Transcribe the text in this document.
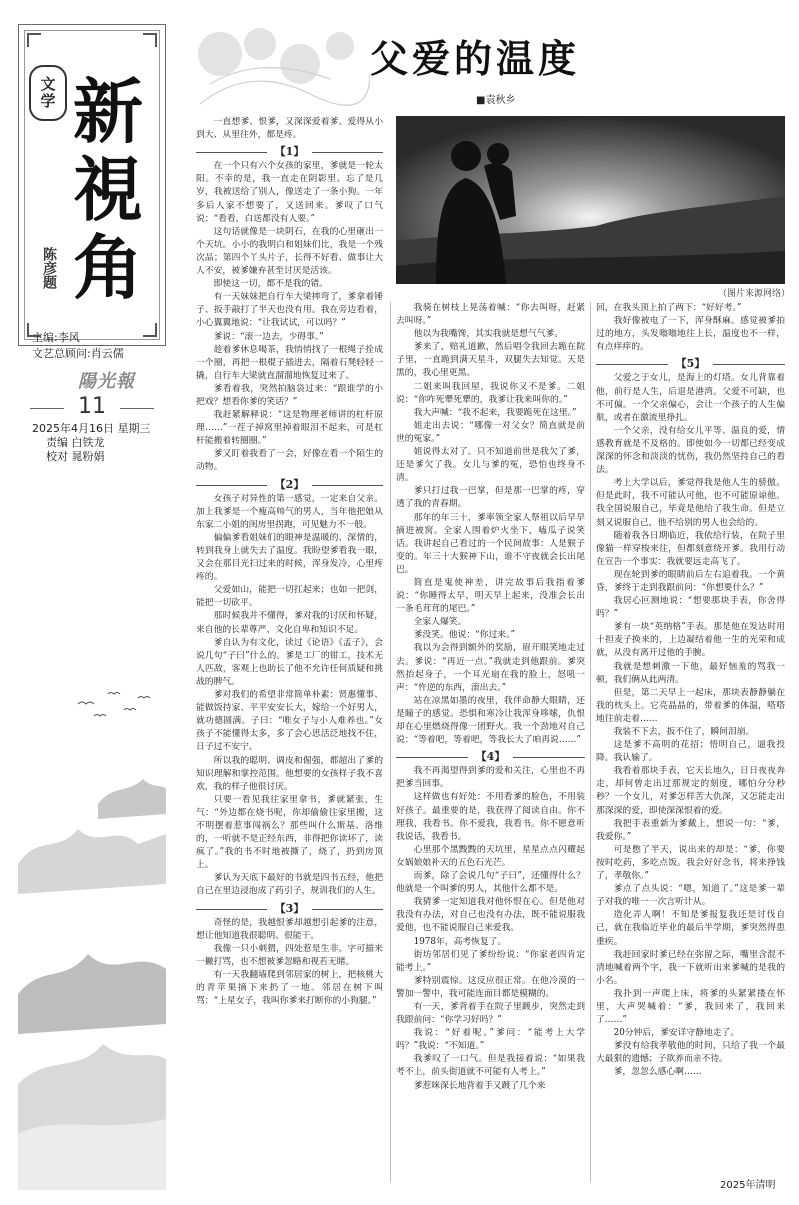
文学 新視角
陈彦题
主编:李风
文艺总顾问:肖云儒
陽光報
11
2025年4月16日 星期三
责编 白铁龙
校对 晁粉娟
父爱的温度
■袁秋乡
（图片来源网络）

一直想爹、恨爹，又深深爱着爹。爱得从小到大、从里往外，都是疼。

【1】

在一个只有六个女孩的家里，爹就是一轮太阳。不幸的是，我一直走在阴影里。忘了是几岁，我被送给了别人，像送走了一条小狗。一年多后人家不想要了，又送回来。爹叹了口气说：“看看，白送都没有人要。”

这句话就像是一块阴石，在我的心里砸出一个天坑。小小的我明白和姐妹们比，我是一个残次品；第四个丫头片子，长得不好看、做事让大人不安，被爹嫌弃甚至讨厌是活该。

即使这一切，都不是我的错。

有一天妹妹把自行车大梁摔弯了，爹拿着锤子、扳手敲打了半天也没有用。我在旁边看着，小心翼翼地说：“让我试试，可以吗？”

爹说：“滚一边去，少碍事。”

趁着爹休息喝茶，我悄悄找了一根绳子拴成一个圈，再把一根棍子插进去，隔着石凳轻轻一撬，自行车大梁就直溜溜地恢复过来了。

爹看着我，突然拍脑袋过来：“跟谁学的小把戏？想看你爹的笑话？”

我赶紧解释说：“这是物理老师讲的杠杆原理……”一茬子掉窝里掉着眼泪不起来，可是杠杆能搬着转圈圈。”

爹又盯着我看了一会，好像在看一个陌生的动物。

【2】

女孩子对异性的第一感觉，一定来自父亲。加上我爹是一个瘦高帅气的男人，当年他把娘从东家二小姐的闺房里拐跑，可见魅力不一般。

偏偏爹看姐妹们的眼神是温暖的、深情的，转到我身上就失去了温度。我盼望爹看我一眼，又会在那目光扫过来的时候，浑身发冷，心里疼疼的。

父爱如山，能把一切扛起来；也如一把剑，能把一切砍平。

那时候我并不懂得，爹对我的讨厌和怀疑，来自他的长辈尊严、文化自卑和知识不足。

爹自认为有文化，读过《论语》《孟子》，会说几句“子曰”什么的。爹是工厂的钳工，技术无人匹敌，客观上也助长了他不允许任何质疑和挑战的脾气。

爹对我们的希望非常简单朴素：贤惠懂事、能做饭持家、平平安安长大，嫁给一个好男人，就功德圆满。子曰：“唯女子与小人难养也。”女孩子不能懂得太多，多了会心思活泛地找不住，日子过不安宁。

所以我的聪明、调皮和倔强，都超出了爹的知识理解和掌控范围。他想要的女孩样子我不喜欢，我的样子他很讨厌。

只要一看见我往家里拿书，爹就紧张，生气：“外边都在烧书呢，你却偷偷往家里搬，这不明摆着惹事闯祸么？那些叫什么斯基、洛维的，一听就不是正经东西，非得把你读坏了，读疯了。”我的书不时地被撕了，烧了，扔到房顶上。

爹认为天底下最好的书就是四书五经，他把自己在里边浸泡成了药引子，规训我们的人生。

【3】

奇怪的是，我越恨爹却越想引起爹的注意，想让他知道我很聪明、很能干。

我像一只小刺猬，四处惹是生非。字可描来一撇打骂，也不想被爹忽略和视若无睹。

有一天我翻墙爬到邻居家的树上，把核桃大的青苹果摘下来扔了一地。邻居在树下叫骂：“上星女子，我叫你爹来打断你的小狗腿。”

我骑在树枝上晃荡着喊：“你去叫呀，赶紧去叫呀。”

他以为我嘴馋，其实我就是想气气爹。

爹来了，赔礼道歉，然后唱令我回去跪在院子里，一直跪到满天星斗，双腿失去知觉。天是黑的，我心里更黑。

二姐来叫我回屋，我说你又不是爹。二姐说：“你咋死犟死犟的，我爹让我来叫你的。”

我大声喊：“我不起来，我要跪死在这里。”

姐走出去说：“哪像一对父女？简直就是前世的冤家。”

姐说得太对了。只不知道前世是我欠了爹，还是爹欠了我。女儿与爹的冤，恐怕也终身不清。

爹只打过我一巴掌，但是那一巴掌的疼，穿透了我的青春期。

那年的年三十，爹率领全家人祭祖以后早早摘进被窝。全家人围着炉火坐下，嗑瓜子说笑话。我讲起自己看过的一个民间故事：人是猴子变的。年三十大猴神下山，谁不守夜就会长出尾巴。

简直是鬼使神差，讲完故事后我指着爹说：“你睡得太早，明天早上起来，没准会长出一条毛茸茸的尾巴。”

全家人爆笑。

爹没笑。他说：“你过来。”

我以为会得到额外的奖励，眉开眼笑地走过去。爹说：“再近一点。”我就走到他跟前。爹突然抬起身子，一个耳光扇在我的脸上，怒吼一声：“忤逆的东西，滚出去。”

站在凉黑如墨的夜里，我伴命静大眼睛，还是瞳子的感觉。恐惧和寒冷让我浑身哆嗦，仇恨却在心里燃烧得像一团野火。我一个劲地对自己说：“等着吧，等着吧，等我长大了咱再说……”

【4】

我不再渴望得到爹的爱和关注，心里也不再把爹当回事。

这样做也有好处：不用看爹的脸色，不用装好孩子。最重要的是，我获得了阅读自由。你不理我，我看书。你不爱我，我看书。你不愿意听我说话，我看书。

心里那个黑黢黢的天坑里，星星点点闪耀起女娲娘娘补天的五色石光芒。

而爹，除了会说几句“子曰”，还懂得什么？他就是一个叫爹的男人，其他什么都不是。

我猜爹一定知道我对他怀恨在心。但是他对我没有办法，对自己也没有办法，既不能说服我爱他，也不能说服自己来爱我。

1978年，高考恢复了。

街坊邻居们见了爹纷纷说：“你家老四肯定能考上。”

爹特别震惊。这反应很正常。在他冷漠的一警加一警中，我可能连面目都是模糊的。

有一天，爹背着手在院子里踱步，突然走到我跟前问：“你学习好吗？”

我说：“好着呢。”爹问：“能考上大学吗？”我说：“不知道。”

我爹叹了一口气。但是我接着说：“如果我考不上，前头街道就不可能有人考上。”

爹惹咪深长地背着手又踱了几个来

回，在我头顶上拍了两下：“好好考。”

我好像被电了一下，浑身酥麻。感觉被爹拍过的地方，头发嗡嗡地往上长，温度也不一样，有点痒痒的。

【5】

父爱之于女儿，是海上的灯塔。女儿背靠着他，前行是人生，后退是港湾。父爱不可缺，也不可偏。一个父亲偏心，会让一个孩子的人生偏航，或者在激流里挣扎。

一个父亲，没有给女儿平等、温良的爱，情感教育就是不及格的。即使如今一切都已经变成深深的怀念和淡淡的忧伤，我仍然坚持自己的看法。

考上大学以后，爹觉得我是他人生的骄傲。但是此时，我不可能认可他，也不可能原谅他。我全国说服自己，毕竟是他给了我生命。但是立刻又说服自己，他不给别的男人也会给的。

随着我各日期临近，我依给行装，在院子里像猫一样穿梭来往，但都刻意绕开爹。我用行动在宣告一个事实：我就要远走高飞了。

现在轮到爹的眼睛前后左右追着我。一个黄昏，爹终于走到我跟前问：“你想要什么？”

我居心叵测地说：“想要那块手表，你舍得吗？”

爹有一块“英纳格”手表。那是他在发达时用十担麦子换来的，上边凝结着他一生的光荣和成就，从没有离开过他的手腕。

我就是想刺激一下他，最好恼羞的骂我一顿，我们俩从此两清。

但是，第二天早上一起床，那块表静静躺在我的枕头上。它亮晶晶的，带着爹的体温，嗒嗒地往前走着……

我装不下去，扳不住了，瞬间泪崩。

这是爹不高明的花招；悟明自己，逼我投降。我认输了。

我看着那块手表，它天长地久，日日夜夜奔走，却何曾走出过那规定的刻度，哪怕分分秒秒？一个女儿，对爹怎样苦大仇深，又怎能走出那深深的爱，即使深深恨着的爱。

我把手表重新为爹戴上，想说一句：“爹，我爱你。”

可是憋了半天，说出来的却是：“爹，你要按时吃药，多吃点饭。我会好好念书，将来挣钱了，孝敬你。”

爹点了点头说：“嗯，知道了。”这是爹一辈子对我的唯一一次言听计从。

造化弄人啊！不知是爹报复我还是讨伐自己，就在我临近毕业的最后半学期，爹突然得患重疾。

我赶回家时爹已经在弥留之际，嘴里含混不清地喊着两个字，我一下就听出来爹喊的是我的小名。

我扑到一声爬上床，将爹的头紧紧搂在怀里，大声哭喊着：“爹，我回来了，我回来了……”

20分钟后，爹安详守静地走了。

爹没有给我孝敬他的时间，只给了我一个最大最狠的遗憾；子欲养而亲不待。

爹，忽忽么感心啊……

2025年清明
